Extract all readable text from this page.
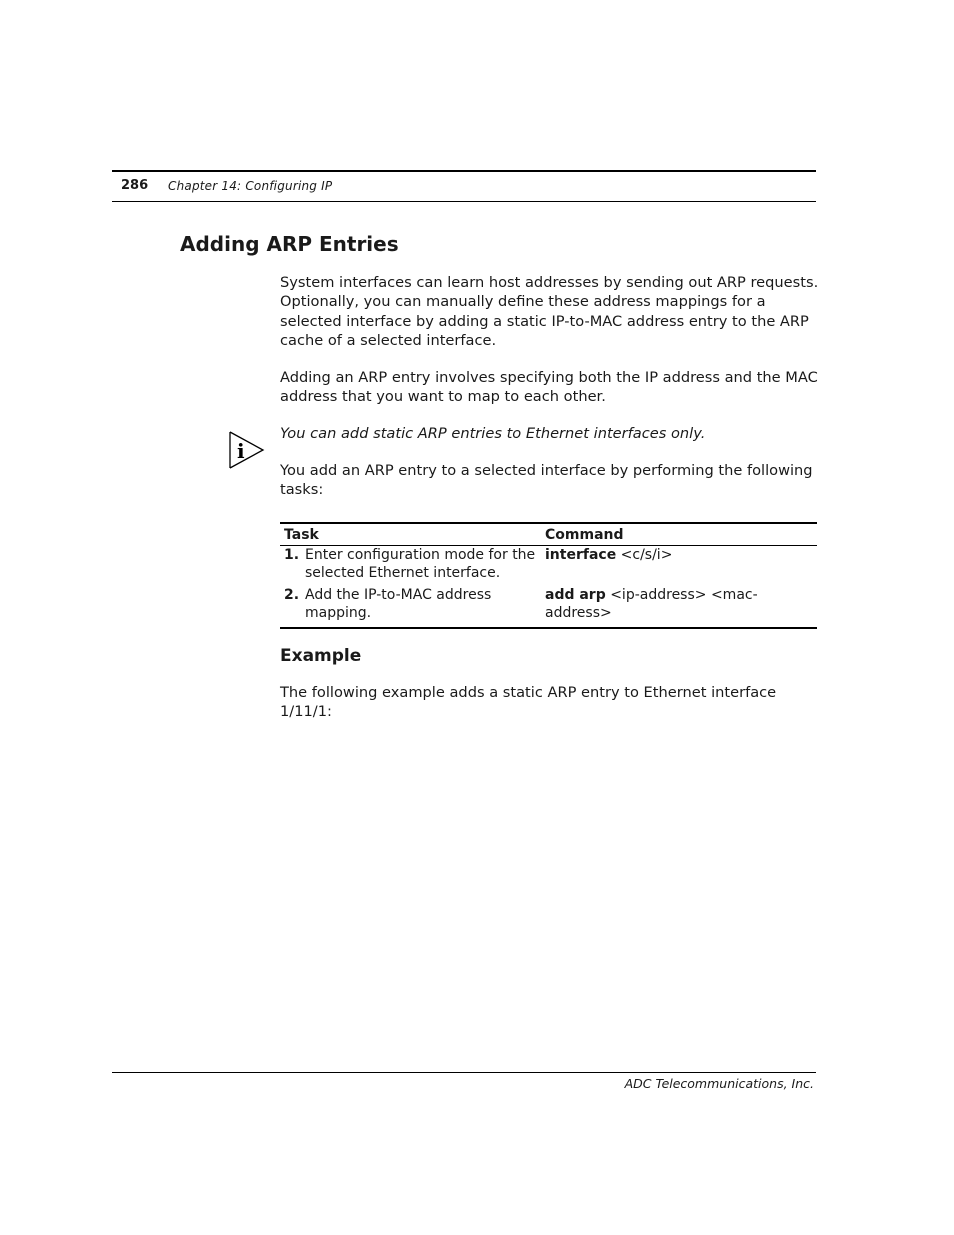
286 Chapter 14: Configuring IP
Adding ARP Entries

System interfaces can learn host addresses by sending out ARP requests. Optionally, you can manually define these address mappings for a selected interface by adding a static IP-to-MAC address entry to the ARP cache of a selected interface.

Adding an ARP entry involves specifying both the IP address and the MAC address that you want to map to each other.

i

You can add static ARP entries to Ethernet interfaces only.

You add an ARP entry to a selected interface by performing the following tasks:

Task	Command

1. Enter configuration mode for the selected Ethernet interface.	interface <c/s/i>

2. Add the IP-to-MAC address mapping.	add arp <ip-address> <mac-address>
Example

The following example adds a static ARP entry to Ethernet interface 1/11/1:

ADC Telecommunications, Inc.
